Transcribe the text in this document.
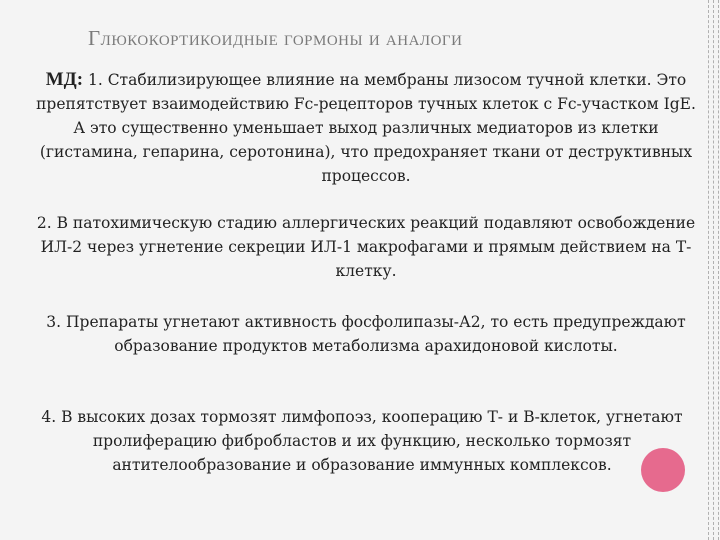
Глюкокортикоидные гормоны и аналоги

МД: 1. Стабилизирующее влияние на мембраны лизосом тучной клетки. Это препятствует взаимодействию Fc-рецепторов тучных клеток с Fc-участком IgE. А это существенно уменьшает выход различных медиаторов из клетки (гистамина, гепарина, серотонина), что предохраняет ткани от деструктивных процессов.

2. В патохимическую стадию аллергических реакций подавляют освобождение ИЛ-2 через угнетение секреции ИЛ-1 макрофагами и прямым действием на Т-клетку.

3. Препараты угнетают активность фосфолипазы-А2, то есть предупреждают образование продуктов метаболизма арахидоновой кислоты.

4. В высоких дозах тормозят лимфопоэз, кооперацию Т- и В-клеток, угнетают пролиферацию фибробластов и их функцию, несколько тормозят антителообразование и образование иммунных комплексов.
